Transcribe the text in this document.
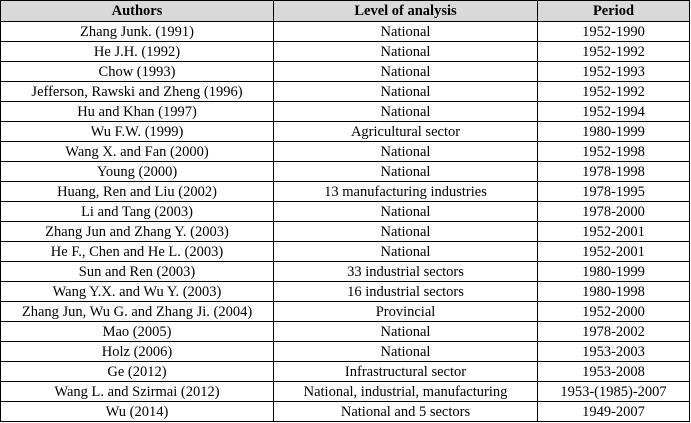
Authors	Level of analysis	Period
Zhang Junk. (1991)	National	1952-1990
He J.H. (1992)	National	1952-1992
Chow (1993)	National	1952-1993
Jefferson, Rawski and Zheng (1996)	National	1952-1992
Hu and Khan (1997)	National	1952-1994
Wu F.W. (1999)	Agricultural sector	1980-1999
Wang X. and Fan (2000)	National	1952-1998
Young (2000)	National	1978-1998
Huang, Ren and Liu (2002)	13 manufacturing industries	1978-1995
Li and Tang (2003)	National	1978-2000
Zhang Jun and Zhang Y. (2003)	National	1952-2001
He F., Chen and He L. (2003)	National	1952-2001
Sun and Ren (2003)	33 industrial sectors	1980-1999
Wang Y.X. and Wu Y. (2003)	16 industrial sectors	1980-1998
Zhang Jun, Wu G. and Zhang Ji. (2004)	Provincial	1952-2000
Mao (2005)	National	1978-2002
Holz (2006)	National	1953-2003
Ge (2012)	Infrastructural sector	1953-2008
Wang L. and Szirmai (2012)	National, industrial, manufacturing	1953-(1985)-2007
Wu (2014)	National and 5 sectors	1949-2007
